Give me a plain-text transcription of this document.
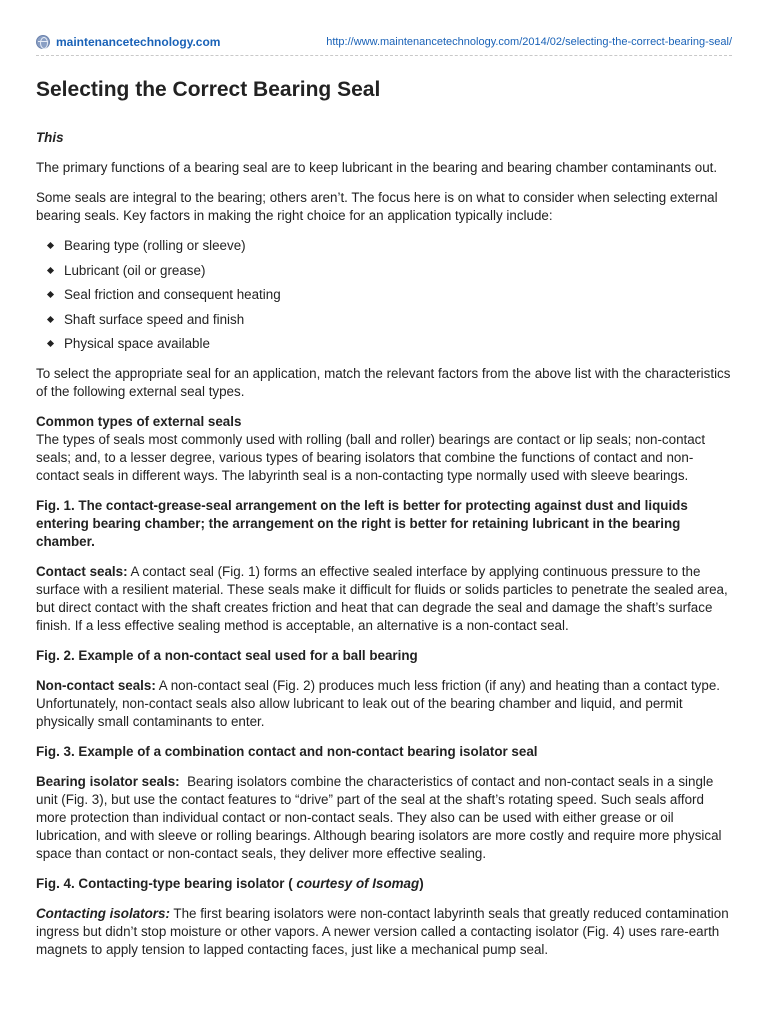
maintenancetechnology.com	http://www.maintenancetechnology.com/2014/02/selecting-the-correct-bearing-seal/
Selecting the Correct Bearing Seal

This

The primary functions of a bearing seal are to keep lubricant in the bearing and bearing chamber contaminants out.

Some seals are integral to the bearing; others aren’t. The focus here is on what to consider when selecting external bearing seals. Key factors in making the right choice for an application typically include:

Bearing type (rolling or sleeve)
Lubricant (oil or grease)
Seal friction and consequent heating
Shaft surface speed and finish
Physical space available

To select the appropriate seal for an application, match the relevant factors from the above list with the characteristics of the following external seal types.

Common types of external seals
The types of seals most commonly used with rolling (ball and roller) bearings are contact or lip seals; non-contact seals; and, to a lesser degree, various types of bearing isolators that combine the functions of contact and non-contact seals in different ways. The labyrinth seal is a non-contacting type normally used with sleeve bearings.

Fig. 1. The contact-grease-seal arrangement on the left is better for protecting against dust and liquids entering bearing chamber; the arrangement on the right is better for retaining lubricant in the bearing chamber.

Contact seals: A contact seal (Fig. 1) forms an effective sealed interface by applying continuous pressure to the surface with a resilient material. These seals make it difficult for fluids or solids particles to penetrate the sealed area, but direct contact with the shaft creates friction and heat that can degrade the seal and damage the shaft’s surface finish. If a less effective sealing method is acceptable, an alternative is a non-contact seal.

Fig. 2. Example of a non-contact seal used for a ball bearing

Non-contact seals: A non-contact seal (Fig. 2) produces much less friction (if any) and heating than a contact type. Unfortunately, non-contact seals also allow lubricant to leak out of the bearing chamber and liquid, and permit physically small contaminants to enter.

Fig. 3. Example of a combination contact and non-contact bearing isolator seal

Bearing isolator seals:  Bearing isolators combine the characteristics of contact and non-contact seals in a single unit (Fig. 3), but use the contact features to “drive” part of the seal at the shaft’s rotating speed. Such seals afford more protection than individual contact or non-contact seals. They also can be used with either grease or oil lubrication, and with sleeve or rolling bearings. Although bearing isolators are more costly and require more physical space than contact or non-contact seals, they deliver more effective sealing.

Fig. 4. Contacting-type bearing isolator ( courtesy of Isomag)

Contacting isolators: The first bearing isolators were non-contact labyrinth seals that greatly reduced contamination ingress but didn’t stop moisture or other vapors. A newer version called a contacting isolator (Fig. 4) uses rare-earth magnets to apply tension to lapped contacting faces, just like a mechanical pump seal.
